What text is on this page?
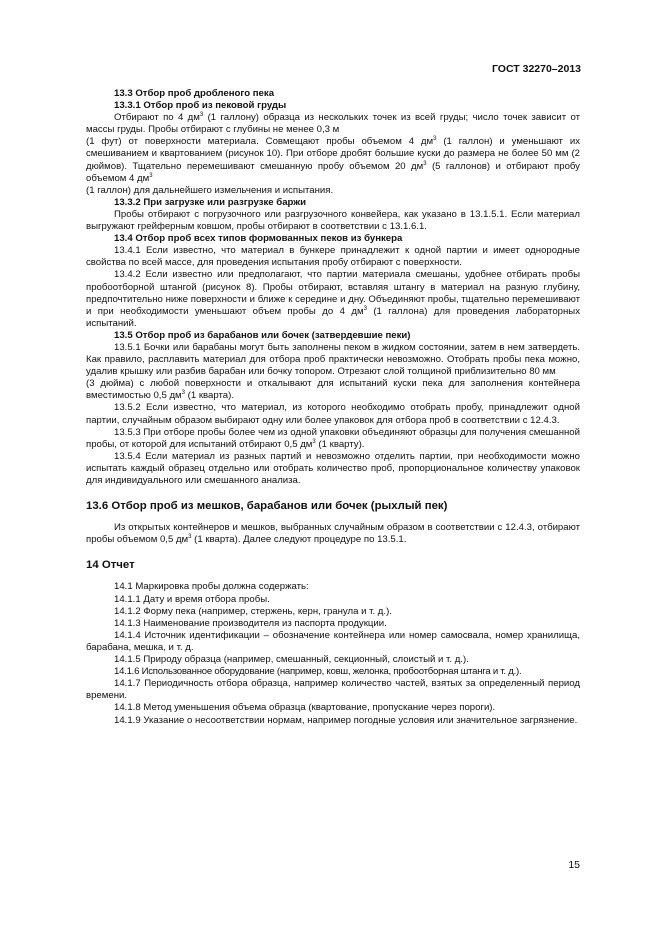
ГОСТ 32270–2013

13.3 Отбор проб дробленого пека

13.3.1 Отбор проб из пековой груды

Отбирают по 4 $дм^3$ (1 галлону) образца из нескольких точек из всей груды; число точек зависит от массы груды. Пробы отбирают с глубины не менее 0,3 м

(1 фут) от поверхности материала. Совмещают пробы объемом 4 $дм^3$ (1 галлон) и уменьшают их смешиванием и квартованием (рисунок 10). При отборе дробят большие куски до размера не более 50 мм (2 дюймов). Тщательно перемешивают смешанную пробу объемом 20 $дм^3$ (5 галлонов) и отбирают пробу объемом 4 $дм^3$

(1 галлон) для дальнейшего измельчения и испытания.

13.3.2 При загрузке или разгрузке баржи

Пробы отбирают с погрузочного или разгрузочного конвейера, как указано в 13.1.5.1. Если материал выгружают грейферным ковшом, пробы отбирают в соответствии с 13.1.6.1.

13.4 Отбор проб всех типов формованных пеков из бункера

13.4.1 Если известно, что материал в бункере принадлежит к одной партии и имеет однородные свойства по всей массе, для проведения испытания пробу отбирают с поверхности.

13.4.2 Если известно или предполагают, что партии материала смешаны, удобнее отбирать пробы пробоотборной штангой (рисунок 8). Пробы отбирают, вставляя штангу в материал на разную глубину, предпочтительно ниже поверхности и ближе к середине и дну. Объединяют пробы, тщательно перемешивают и при необходимости уменьшают объем пробы до 4 $дм^3$ (1 галлона) для проведения лабораторных испытаний.

13.5 Отбор проб из барабанов или бочек (затвердевшие пеки)

13.5.1 Бочки или барабаны могут быть заполнены пеком в жидком состоянии, затем в нем затвердеть. Как правило, расплавить материал для отбора проб практически невозможно. Отобрать пробы пека можно, удалив крышку или разбив барабан или бочку топором. Отрезают слой толщиной приблизительно 80 мм

(3 дюйма) с любой поверхности и откалывают для испытаний куски пека для заполнения контейнера вместимостью 0,5 $дм^3$ (1 кварта).

13.5.2 Если известно, что материал, из которого необходимо отобрать пробу, принадлежит одной партии, случайным образом выбирают одну или более упаковок для отбора проб в соответствии с 12.4.3.

13.5.3 При отборе пробы более чем из одной упаковки объединяют образцы для получения смешанной пробы, от которой для испытаний отбирают 0,5 $дм^3$ (1 кварту).

13.5.4 Если материал из разных партий и невозможно отделить партии, при необходимости можно испытать каждый образец отдельно или отобрать количество проб, пропорциональное количеству упаковок для индивидуального или смешанного анализа.

13.6 Отбор проб из мешков, барабанов или бочек (рыхлый пек)

Из открытых контейнеров и мешков, выбранных случайным образом в соответствии с 12.4.3, отбирают пробы объемом 0,5 $дм^3$ (1 кварта). Далее следуют процедуре по 13.5.1.

14 Отчет

14.1 Маркировка пробы должна содержать:

14.1.1 Дату и время отбора пробы.

14.1.2 Форму пека (например, стержень, керн, гранула и т. д.).

14.1.3 Наименование производителя из паспорта продукции.

14.1.4 Источник идентификации – обозначение контейнера или номер самосвала, номер хранилища, барабана, мешка, и т. д.

14.1.5 Природу образца (например, смешанный, секционный, слоистый и т. д.).

14.1.6 Использованное оборудование (например, ковш, желонка, пробоотборная штанга и т. д.).

14.1.7 Периодичность отбора образца, например количество частей, взятых за определенный период времени.

14.1.8 Метод уменьшения объема образца (квартование, пропускание через пороги).

14.1.9 Указание о несоответствии нормам, например погодные условия или значительное загрязнение.

15
